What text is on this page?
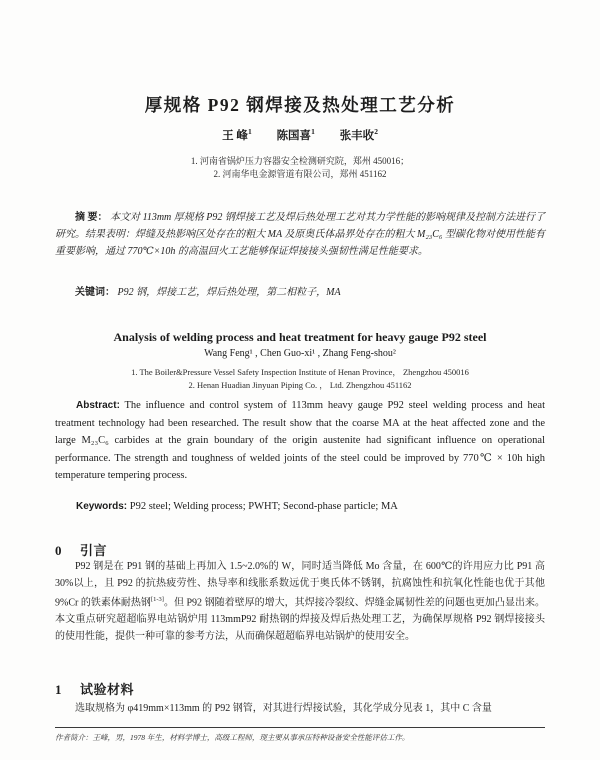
厚规格 P92 钢焊接及热处理工艺分析
王 峰$^1$ 陈国喜$^1$ 张丰收$^2$
1. 河南省锅炉压力容器安全检测研究院，郑州 450016；
2. 河南华电金源管道有限公司，郑州 451162
摘 要： 本文对 113mm 厚规格 P92 钢焊接工艺及焊后热处理工艺对其力学性能的影响规律及控制方法进行了研究。结果表明：焊缝及热影响区处存在的粗大 MA 及原奥氏体晶界处存在的粗大 M₂₃C₆ 型碳化物对使用性能有重要影响，通过 770℃×10h 的高温回火工艺能够保证焊接接头强韧性满足性能要求。
关键词： P92 钢，焊接工艺，焊后热处理，第二相粒子，MA
Analysis of welding process and heat treatment for heavy gauge P92 steel
Wang Feng¹ , Chen Guo-xi¹ , Zhang Feng-shou²
1. The Boiler&Pressure Vessel Safety Inspection Institute of Henan Province， Zhengzhou 450016
2. Henan Huadian Jinyuan Piping Co. ， Ltd. Zhengzhou 451162
Abstract: The influence and control system of 113mm heavy gauge P92 steel welding process and heat treatment technology had been researched. The result show that the coarse MA at the heat affected zone and the large M₂₃C₆ carbides at the grain boundary of the origin austenite had significant influence on operational performance. The strength and toughness of welded joints of the steel could be improved by 770℃ × 10h high temperature tempering process.
Keywords: P92 steel; Welding process; PWHT; Second-phase particle; MA
0 引言
P92 钢是在 P91 钢的基础上再加入 1.5~2.0%的 W，同时适当降低 Mo 含量，在 600℃的许用应力比 P91 高 30%以上，且 P92 的抗热疲劳性、热导率和线胀系数远优于奥氏体不锈钢，抗腐蚀性和抗氧化性能也优于其他 9%Cr 的铁素体耐热钢[1-3]。但 P92 钢随着壁厚的增大，其焊接冷裂纹、焊缝金属韧性差的问题也更加凸显出来。本文重点研究超超临界电站锅炉用 113mmP92 耐热钢的焊接及焊后热处理工艺，为确保厚规格 P92 钢焊接接头的使用性能，提供一种可靠的参考方法，从而确保超超临界电站锅炉的使用安全。
1 试验材料
选取规格为 φ419mm×113mm 的 P92 钢管，对其进行焊接试验，其化学成分见表 1，其中 C 含量
作者简介：王峰，男，1978 年生，材料学博士，高级工程师，现主要从事承压特种设备安全性能评估工作。
